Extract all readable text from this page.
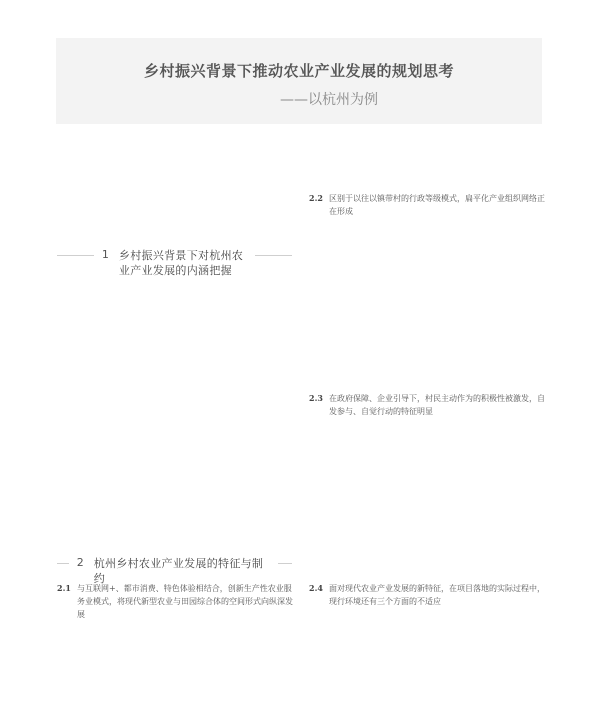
乡村振兴背景下推动农业产业发展的规划思考
——以杭州为例
1 乡村振兴背景下对杭州农业产业发展的内涵把握
2 杭州乡村农业产业发展的特征与制约
2.1 与互联网+、都市消费、特色体验相结合，创新生产性农业服务业模式，将现代新型农业与田园综合体的空间形式向纵深发展
2.2 区别于以往以镇带村的行政等级模式，扁平化产业组织网络正在形成
2.3 在政府保障、企业引导下，村民主动作为的积极性被激发，自发参与、自觉行动的特征明显
2.4 面对现代农业产业发展的新特征，在项目落地的实际过程中，现行环境还有三个方面的不适应
